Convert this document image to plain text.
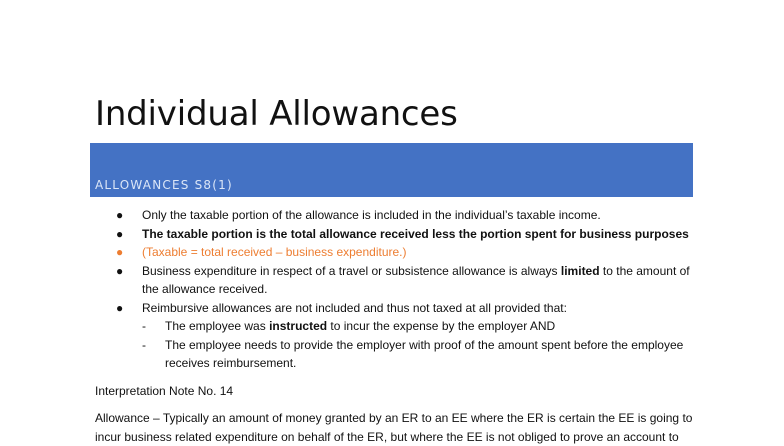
Individual Allowances
ALLOWANCES S8(1)
● Only the taxable portion of the allowance is included in the individual’s taxable income.
● The taxable portion is the total allowance received less the portion spent for business purposes
● (Taxable = total received – business expenditure.)
● Business expenditure in respect of a travel or subsistence allowance is always limited to the amount of the allowance received.
● Reimbursive allowances are not included and thus not taxed at all provided that:
- The employee was instructed to incur the expense by the employer AND
- The employee needs to provide the employer with proof of the amount spent before the employee receives reimbursement.
Interpretation Note No. 14
Allowance – Typically an amount of money granted by an ER to an EE where the ER is certain the EE is going to incur business related expenditure on behalf of the ER, but where the EE is not obliged to prove an account to
